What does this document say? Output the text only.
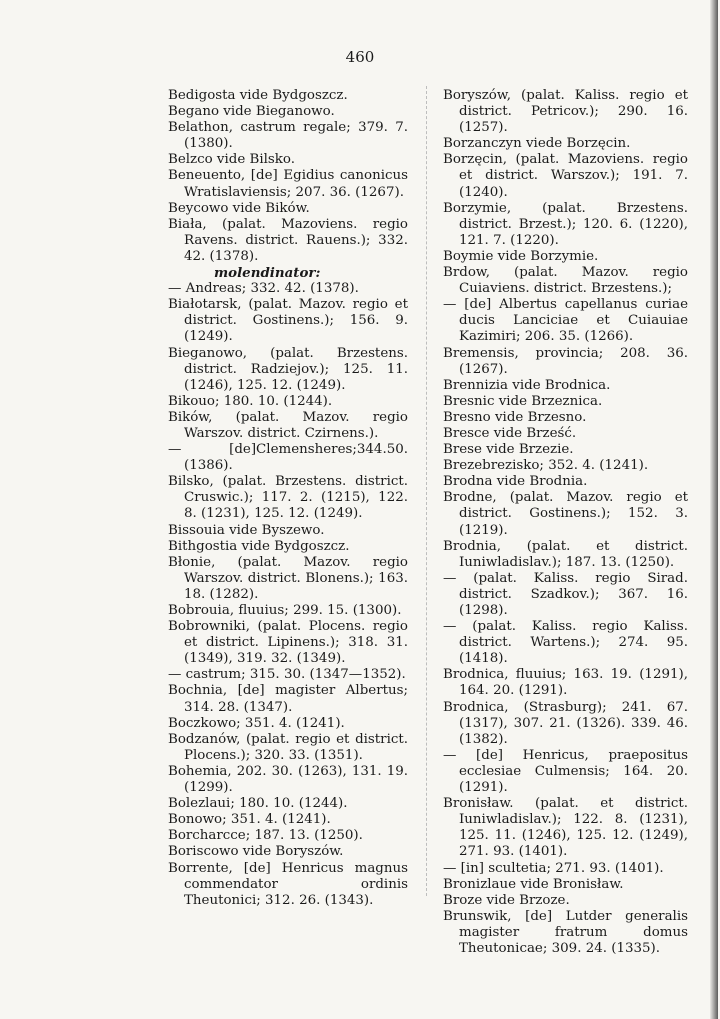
460

Bedigosta vide Bydgoszcz.

Begano vide Bieganowo.

Belathon, castrum regale; 379. 7. (1380).

Belzco vide Bilsko.

Beneuento, [de] Egidius canonicus Wratislaviensis; 207. 36. (1267).

Beycowo vide Bików.

Biała, (palat. Mazoviens. regio Ravens. district. Rauens.); 332. 42. (1378).

molendinator:

— Andreas; 332. 42. (1378).

Białotarsk, (palat. Mazov. regio et district. Gostinens.); 156. 9. (1249).

Bieganowo, (palat. Brzestens. district. Radziejov.); 125. 11. (1246), 125. 12. (1249).

Bikouo; 180. 10. (1244).

Bików, (palat. Mazov. regio Warszov. district. Czirnens.).

— [de]Clemensheres;344.50.(1386).

Bilsko, (palat. Brzestens. district. Cruswic.); 117. 2. (1215), 122. 8. (1231), 125. 12. (1249).

Bissouia vide Byszewo.

Bithgostia vide Bydgoszcz.

Błonie, (palat. Mazov. regio Warszov. district. Blonens.); 163. 18. (1282).

Bobrouia, fluuius; 299. 15. (1300).

Bobrowniki, (palat. Plocens. regio et district. Lipinens.); 318. 31. (1349), 319. 32. (1349).

— castrum; 315. 30. (1347—1352).

Bochnia, [de] magister Albertus; 314. 28. (1347).

Boczkowo; 351. 4. (1241).

Bodzanów, (palat. regio et district. Plocens.); 320. 33. (1351).

Bohemia, 202. 30. (1263), 131. 19. (1299).

Bolezlaui; 180. 10. (1244).

Bonowo; 351. 4. (1241).

Borcharcce; 187. 13. (1250).

Boriscowo vide Boryszów.

Borrente, [de] Henricus magnus commendator ordinis Theutonici; 312. 26. (1343).

Boryszów, (palat. Kaliss. regio et district. Petricov.); 290. 16. (1257).

Borzanczyn viede Borzęcin.

Borzęcin, (palat. Mazoviens. regio et district. Warszov.); 191. 7. (1240).

Borzymie, (palat. Brzestens. district. Brzest.); 120. 6. (1220), 121. 7. (1220).

Boymie vide Borzymie.

Brdow, (palat. Mazov. regio Cuiaviens. district. Brzestens.);

— [de] Albertus capellanus curiae ducis Lanciciae et Cuiauiae Kazimiri; 206. 35. (1266).

Bremensis, provincia; 208. 36. (1267).

Brennizia vide Brodnica.

Bresnic vide Brzeznica.

Bresno vide Brzesno.

Bresce vide Brześć.

Brese vide Brzezie.

Brezebrezisko; 352. 4. (1241).

Brodna vide Brodnia.

Brodne, (palat. Mazov. regio et district. Gostinens.); 152. 3. (1219).

Brodnia, (palat. et district. Iuniwladislav.); 187. 13. (1250).

— (palat. Kaliss. regio Sirad. district. Szadkov.); 367. 16. (1298).

— (palat. Kaliss. regio Kaliss. district. Wartens.); 274. 95. (1418).

Brodnica, fluuius; 163. 19. (1291), 164. 20. (1291).

Brodnica, (Strasburg); 241. 67. (1317), 307. 21. (1326). 339. 46. (1382).

— [de] Henricus, praepositus ecclesiae Culmensis; 164. 20. (1291).

Bronisław. (palat. et district. Iuniwladislav.); 122. 8. (1231), 125. 11. (1246), 125. 12. (1249), 271. 93. (1401).

— [in] scultetia; 271. 93. (1401).

Bronizlaue vide Bronisław.

Broze vide Brzoze.

Brunswik, [de] Lutder generalis magister fratrum domus Theutonicae; 309. 24. (1335).
